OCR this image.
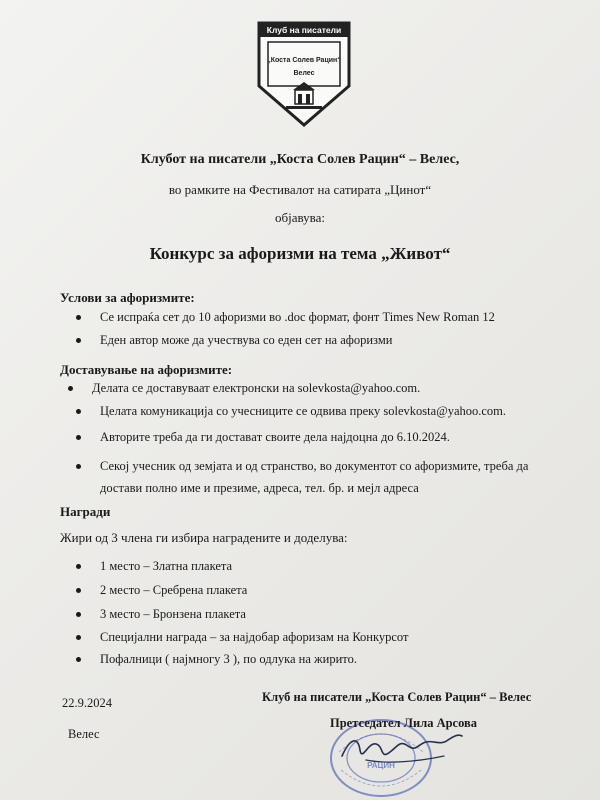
Клуб на писатели
„Коста Солев Рацин“
Велес
Клубот на писатели „Коста Солев Рацин“ – Велес,
во рамките на Фестивалот на сатирата „Цинот“
објавува:
Конкурс за афоризми на тема „Живот“
Услови за афоризмите:
Се испраќа сет до 10 афоризми во .doc формат, фонт Times New Roman 12
Еден автор може да учествува со еден сет на афоризми
Доставување на афоризмите:
Делата се доставуваат електронски на solevkosta@yahoo.com.
Целата комуникација со учесниците се одвива преку solevkosta@yahoo.com.
Авторите треба да ги доставaт своите дела најдоцна до 6.10.2024.
Секој учесник од земјата и од странство, во документот со афоризмите, треба да достави полно име и презиме, адреса, тел. бр. и мејл адреса
Награди
Жири од 3 члена ги избира наградените и доделува:
1 место – Златна плакета
2 место – Сребрена плакета
3 место – Бронзена плакета
Специјални награда – за најдобар афоризам на Конкурсот
Пофалници ( најмногу 3 ), по одлука на жирито.
22.9.2024
Велес
Клуб на писатели „Коста Солев Рацин“ – Велес
РАЦИН
Претседател Лила Арсова
